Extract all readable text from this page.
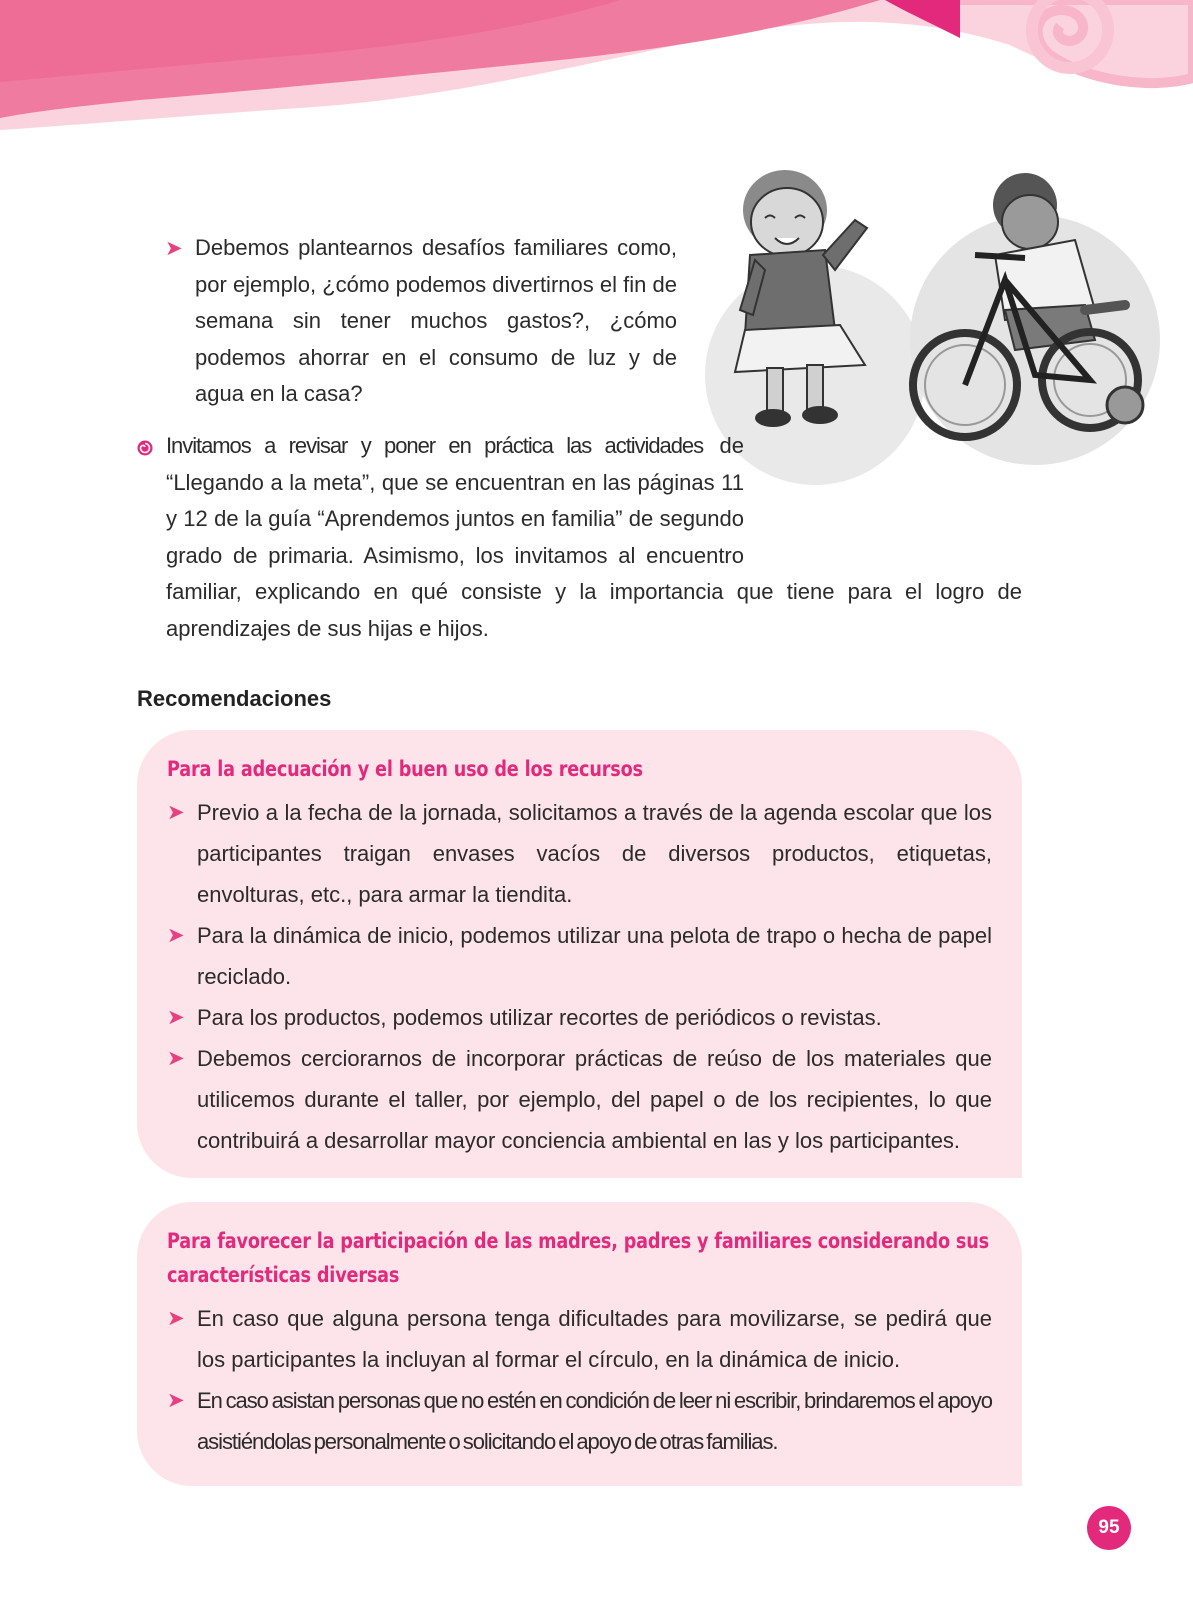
➤ Debemos plantearnos desafíos familiares como, por ejemplo, ¿cómo podemos divertirnos el fin de semana sin tener muchos gastos?, ¿cómo podemos ahorrar en el consumo de luz y de agua en la casa?
Invitamos a revisar y poner en práctica las actividades de “Llegando a la meta”, que se encuentran en las páginas 11 y 12 de la guía “Aprendemos juntos en familia” de segundo grado de primaria. Asimismo, los invitamos al encuentro familiar, explicando en qué consiste y la importancia que tiene para el logro de aprendizajes de sus hijas e hijos.
Recomendaciones
Para la adecuación y el buen uso de los recursos
➤ Previo a la fecha de la jornada, solicitamos a través de la agenda escolar que los participantes traigan envases vacíos de diversos productos, etiquetas, envolturas, etc., para armar la tiendita.
➤ Para la dinámica de inicio, podemos utilizar una pelota de trapo o hecha de papel reciclado.
➤ Para los productos, podemos utilizar recortes de periódicos o revistas.
➤ Debemos cerciorarnos de incorporar prácticas de reúso de los materiales que utilicemos durante el taller, por ejemplo, del papel o de los recipientes, lo que contribuirá a desarrollar mayor conciencia ambiental en las y los participantes.
Para favorecer la participación de las madres, padres y familiares considerando sus características diversas
➤ En caso que alguna persona tenga dificultades para movilizarse, se pedirá que los participantes la incluyan al formar el círculo, en la dinámica de inicio.
➤ En caso asistan personas que no estén en condición de leer ni escribir, brindaremos el apoyo asistiéndolas personalmente o solicitando el apoyo de otras familias.
95
